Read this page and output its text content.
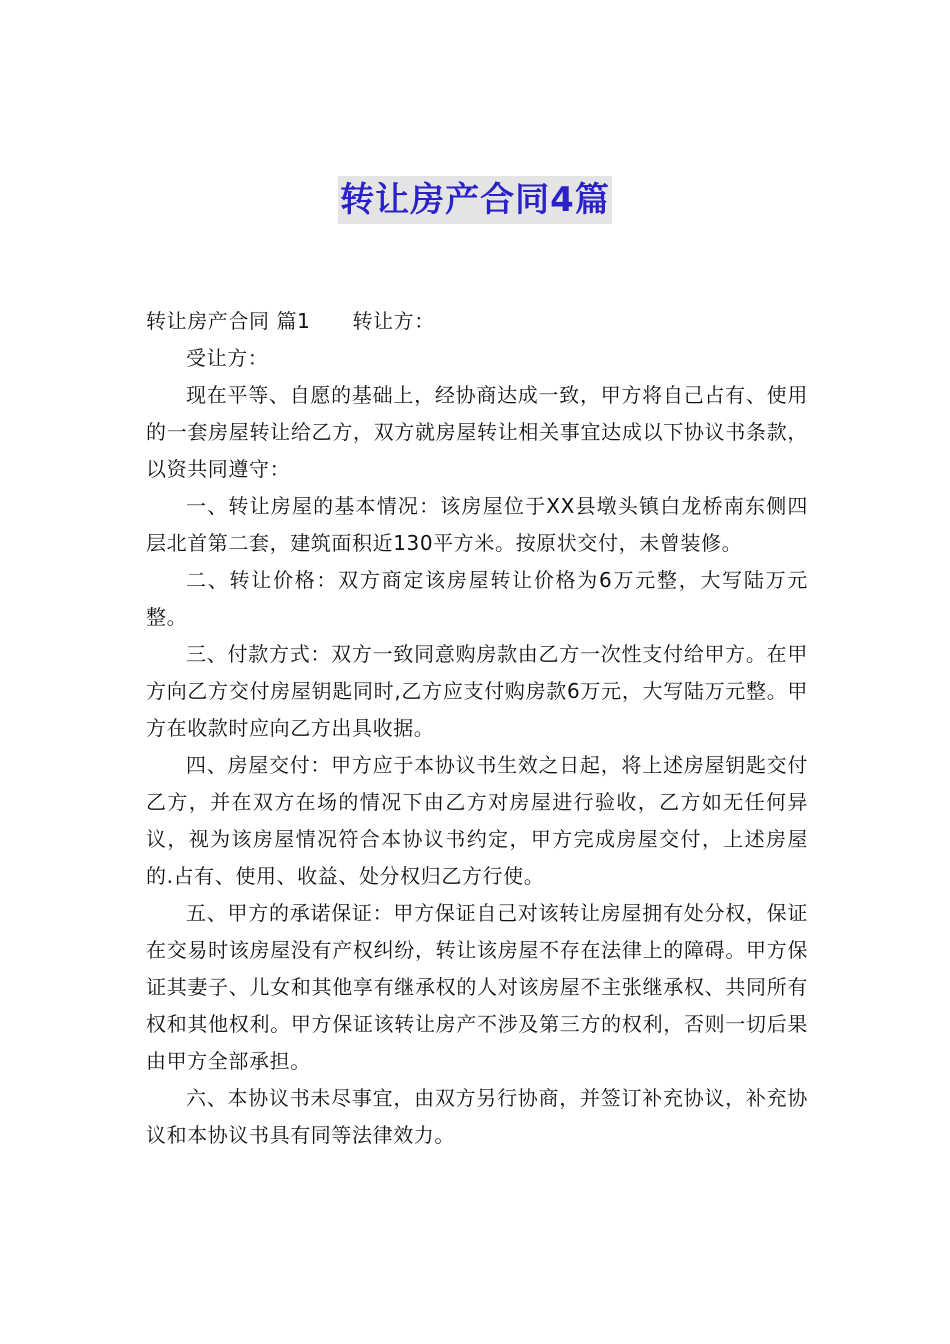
转让房产合同4篇

转让房产合同 篇1 转让方：

受让方：

现在平等、自愿的基础上，经协商达成一致，甲方将自己占有、使用的一套房屋转让给乙方，双方就房屋转让相关事宜达成以下协议书条款，以资共同遵守：

一、转让房屋的基本情况：该房屋位于XX县墩头镇白龙桥南东侧四层北首第二套，建筑面积近130平方米。按原状交付，未曾装修。

二、转让价格：双方商定该房屋转让价格为6万元整，大写陆万元整。

三、付款方式：双方一致同意购房款由乙方一次性支付给甲方。在甲方向乙方交付房屋钥匙同时,乙方应支付购房款6万元，大写陆万元整。甲方在收款时应向乙方出具收据。

四、房屋交付：甲方应于本协议书生效之日起，将上述房屋钥匙交付乙方，并在双方在场的情况下由乙方对房屋进行验收，乙方如无任何异议，视为该房屋情况符合本协议书约定，甲方完成房屋交付，上述房屋的.占有、使用、收益、处分权归乙方行使。

五、甲方的承诺保证：甲方保证自己对该转让房屋拥有处分权，保证在交易时该房屋没有产权纠纷，转让该房屋不存在法律上的障碍。甲方保证其妻子、儿女和其他享有继承权的人对该房屋不主张继承权、共同所有权和其他权利。甲方保证该转让房产不涉及第三方的权利，否则一切后果由甲方全部承担。

六、本协议书未尽事宜，由双方另行协商，并签订补充协议，补充协议和本协议书具有同等法律效力。
